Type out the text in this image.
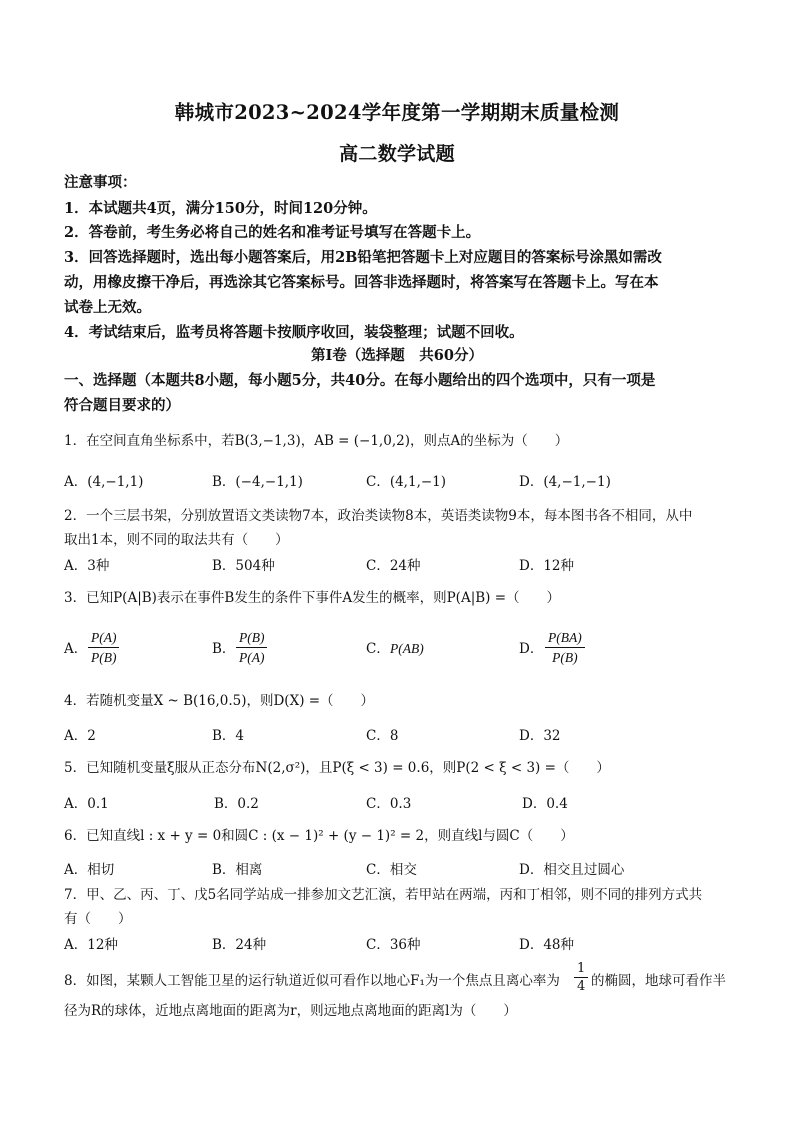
韩城市2023~2024学年度第一学期期末质量检测
高二数学试题
注意事项：
1．本试题共4页，满分150分，时间120分钟。
2．答卷前，考生务必将自己的姓名和准考证号填写在答题卡上。
3．回答选择题时，选出每小题答案后，用2B铅笔把答题卡上对应题目的答案标号涂黑如需改
动，用橡皮擦干净后，再选涂其它答案标号。回答非选择题时，将答案写在答题卡上。写在本
试卷上无效。
4．考试结束后，监考员将答题卡按顺序收回，装袋整理；试题不回收。
第Ⅰ卷（选择题　共60分）
一、选择题（本题共8小题，每小题5分，共40分。在每小题给出的四个选项中，只有一项是
符合题目要求的）
1．在空间直角坐标系中，若B(3,−1,3)，AB = (−1,0,2)，则点A的坐标为（　　）
A．(4,−1,1)	B．(−4,−1,1)	C．(4,1,−1)	D．(4,−1,−1)
2．一个三层书架，分别放置语文类读物7本，政治类读物8本，英语类读物9本，每本图书各不相同，从中
取出1本，则不同的取法共有（　　）
A．3种	B．504种	C．24种	D．12种
3．已知P(A|B)表示在事件B发生的条件下事件A发生的概率，则P(A|B) =（　　）
A． $\frac{P(A)}{P(B)}$	B． $\frac{P(B)}{P(A)}$	C． P(AB)	D． $\frac{P(BA)}{P(B)}$
4．若随机变量X ~ B(16,0.5)，则D(X) =（　　）
A．2	B．4	C．8	D．32
5．已知随机变量ξ服从正态分布N(2,σ²)，且P(ξ < 3) = 0.6，则P(2 < ξ < 3) =（　　）
A．0.1	B．0.2	C．0.3	D．0.4
6．已知直线l : x + y = 0和圆C : (x − 1)² + (y − 1)² = 2，则直线l与圆C（　　）
A．相切	B．相离	C．相交	D．相交且过圆心
7．甲、乙、丙、丁、戊5名同学站成一排参加文艺汇演，若甲站在两端，丙和丁相邻，则不同的排列方式共
有（　　）
A．12种	B．24种	C．36种	D．48种
8．如图，某颗人工智能卫星的运行轨道近似可看作以地心F₁为一个焦点且离心率为 $\frac{1}{4}$ 的椭圆，地球可看作半
径为R的球体，近地点离地面的距离为r，则远地点离地面的距离l为（　　）
